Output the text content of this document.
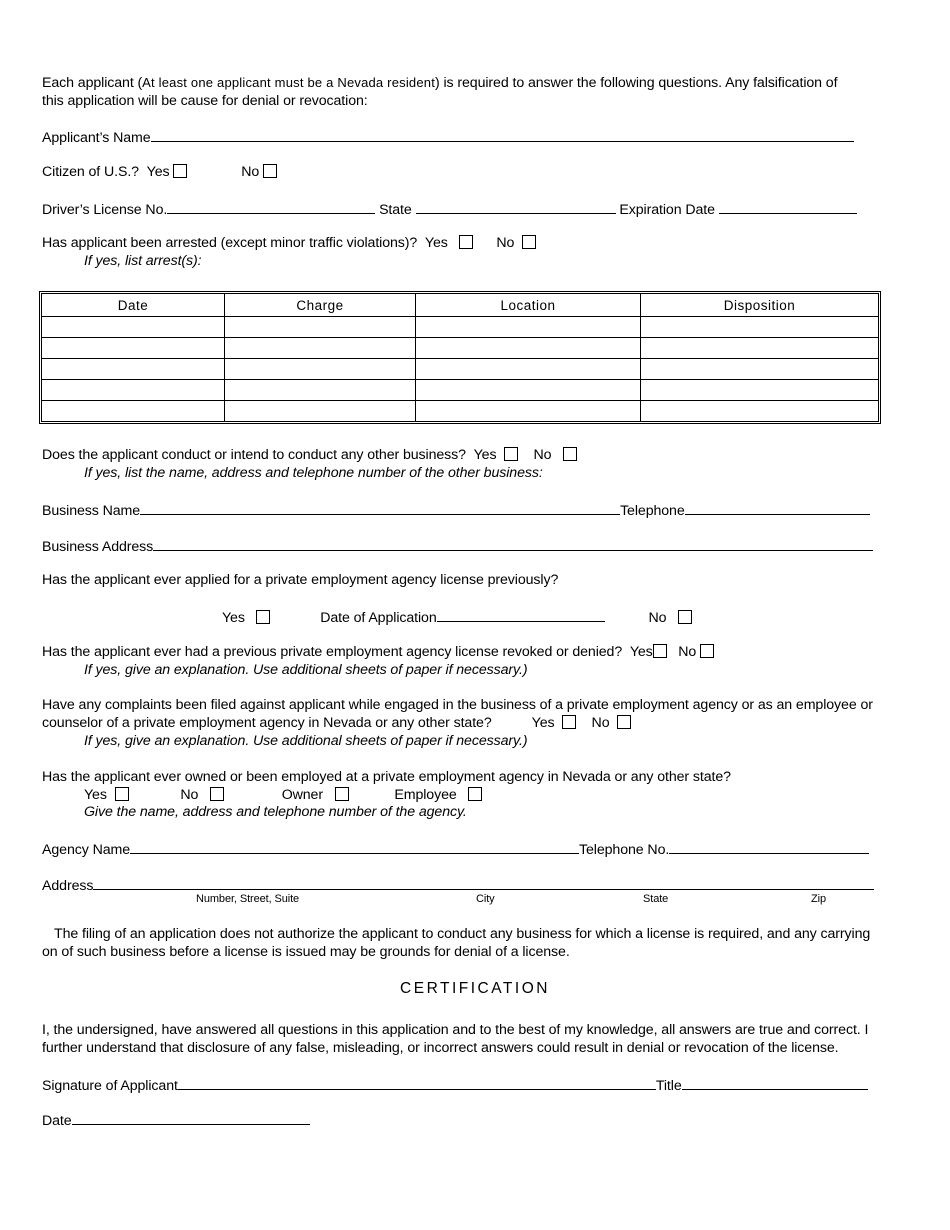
Each applicant (At least one applicant must be a Nevada resident) is required to answer the following questions. Any falsification of
this application will be cause for denial or revocation:
Applicant’s Name
Citizen of U.S.? Yes	No
Driver’s License No.	State	Expiration Date
Has applicant been arrested (except minor traffic violations)? Yes	No
If yes, list arrest(s):
Date	Charge	Location	Disposition

Does the applicant conduct or intend to conduct any other business? Yes	No
If yes, list the name, address and telephone number of the other business:
Business Name	Telephone
Business Address
Has the applicant ever applied for a private employment agency license previously?
Yes	Date of Application	No
Has the applicant ever had a previous private employment agency license revoked or denied? Yes No
If yes, give an explanation. Use additional sheets of paper if necessary.)
Have any complaints been filed against applicant while engaged in the business of a private employment agency or as an employee or
counselor of a private employment agency in Nevada or any other state?	Yes	No
If yes, give an explanation. Use additional sheets of paper if necessary.)
Has the applicant ever owned or been employed at a private employment agency in Nevada or any other state?
Yes	No	Owner	Employee
Give the name, address and telephone number of the agency.
Agency Name	Telephone No.
Address
Number, Street, Suite	City	State	Zip
The filing of an application does not authorize the applicant to conduct any business for which a license is required, and any carrying
on of such business before a license is issued may be grounds for denial of a license.
CERTIFICATION
I, the undersigned, have answered all questions in this application and to the best of my knowledge, all answers are true and correct. I
further understand that disclosure of any false, misleading, or incorrect answers could result in denial or revocation of the license.
Signature of Applicant	Title
Date
